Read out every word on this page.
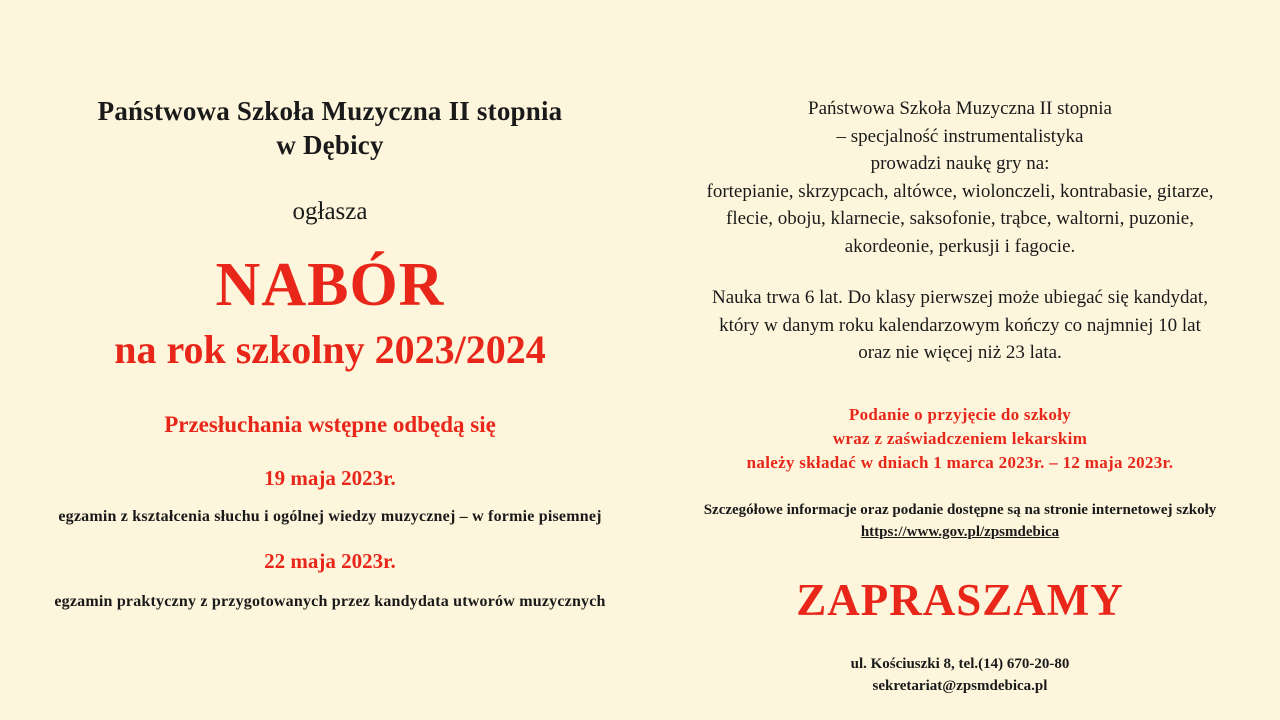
Państwowa Szkoła Muzyczna II stopnia
w Dębicy
ogłasza
NABÓR
na rok szkolny 2023/2024
Przesłuchania wstępne odbędą się
19 maja 2023r.
egzamin z kształcenia słuchu i ogólnej wiedzy muzycznej – w formie pisemnej
22 maja 2023r.
egzamin praktyczny z przygotowanych przez kandydata utworów muzycznych
Państwowa Szkoła Muzyczna II stopnia
– specjalność instrumentalistyka
prowadzi naukę gry na:
fortepianie, skrzypcach, altówce, wiolonczeli, kontrabasie, gitarze,
flecie, oboju, klarnecie, saksofonie, trąbce, waltorni, puzonie,
akordeonie, perkusji i fagocie.
Nauka trwa 6 lat. Do klasy pierwszej może ubiegać się kandydat,
który w danym roku kalendarzowym kończy co najmniej 10 lat
oraz nie więcej niż 23 lata.
Podanie o przyjęcie do szkoły
wraz z zaświadczeniem lekarskim
należy składać w dniach 1 marca 2023r. – 12 maja 2023r.
Szczegółowe informacje oraz podanie dostępne są na stronie internetowej szkoły
https://www.gov.pl/zpsmdebica
ZAPRASZAMY
ul. Kościuszki 8, tel.(14) 670-20-80
sekretariat@zpsmdebica.pl
